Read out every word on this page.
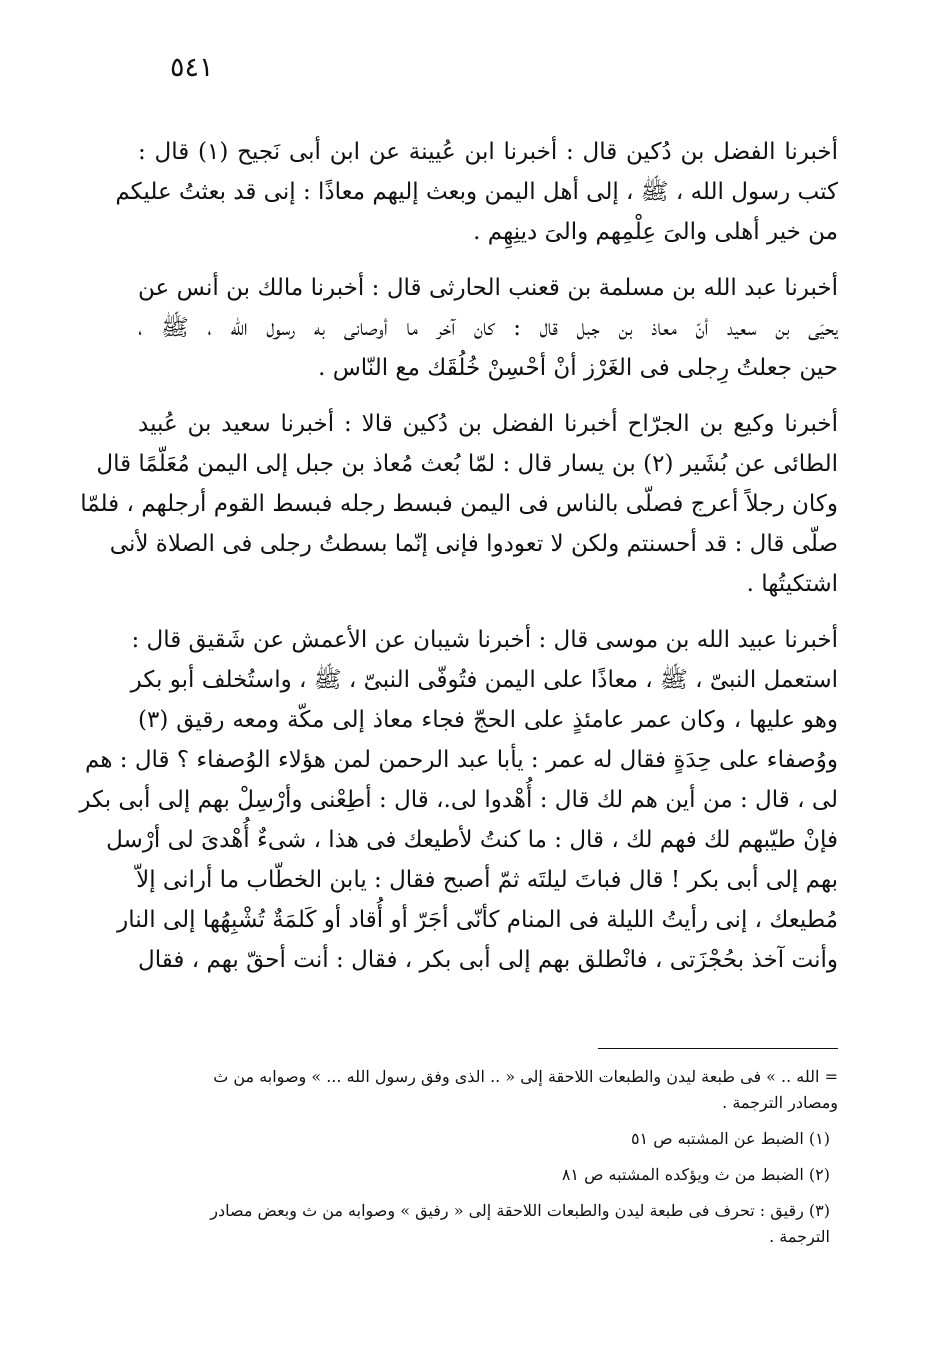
٥٤١
أخبرنا الفضل بن دُكين قال : أخبرنا ابن عُيينة عن ابن أبى نَجيح (١) قال :
كتب رسول الله ، ﷺ ، إلى أهل اليمن وبعث إليهم معاذًا : إنى قد بعثتُ عليكم
من خير أهلى والىَ عِلْمِهم والىَ دينِهِم .
أخبرنا عبد الله بن مسلمة بن قعنب الحارثى قال : أخبرنا مالك بن أنس عن
يحيَى بن سعيد أنّ معاذ بن جبل قال : كان آخر ما أوصانى به رسول الله ، ﷺ ،
حين جعلتُ رِجلى فى الغَرْز أنْ أحْسِنْ خُلُقَك مع النّاس .
أخبرنا وكيع بن الجرّاح أخبرنا الفضل بن دُكين قالا : أخبرنا سعيد بن عُبيد
الطائى عن بُشَير (٢) بن يسار قال : لمّا بُعث مُعاذ بن جبل إلى اليمن مُعَلّمًا قال
وكان رجلاً أعرج فصلّى بالناس فى اليمن فبسط رجله فبسط القوم أرجلهم ، فلمّا
صلّى قال : قد أحسنتم ولكن لا تعودوا فإنى إنّما بسطتُ رجلى فى الصلاة لأنى
اشتكيتُها .
أخبرنا عبيد الله بن موسى قال : أخبرنا شيبان عن الأعمش عن شَقيق قال :
استعمل النبىّ ، ﷺ ، معاذًا على اليمن فتُوفّى النبىّ ، ﷺ ، واستُخلف أبو بكر
وهو عليها ، وكان عمر عامئذٍ على الحجّ فجاء معاذ إلى مكّة ومعه رقيق (٣)
ووُصفاء على حِدَةٍ فقال له عمر : يأبا عبد الرحمن لمن هؤلاء الوُصفاء ؟ قال : هم
لى ، قال : من أين هم لك قال : أُهْدوا لى.، قال : أطِعْنى وأرْسِلْ بهم إلى أبى بكر
فإنْ طيّبهم لك فهم لك ، قال : ما كنتُ لأطيعك فى هذا ، شىءٌ أُهْدىَ لى أرْسل
بهم إلى أبى بكر ! قال فباتَ ليلتَه ثمّ أصبح فقال : يابن الخطّاب ما أرانى إلاّ
مُطيعك ، إنى رأيتُ الليلة فى المنام كأنّى أجَرّ أو أُقاد أو كَلمَةٌ تُشْبِهُها إلى النار
وأنت آخذ بحُجْزَتى ، فانْطلق بهم إلى أبى بكر ، فقال : أنت أحقّ بهم ، فقال
= الله .. » فى طبعة ليدن والطبعات اللاحقة إلى « .. الذى وفق رسول الله ... » وصوابه من ث
ومصادر الترجمة .
(١) الضبط عن المشتبه ص ٥١
(٢) الضبط من ث ويؤكده المشتبه ص ٨١
(٣) رقيق : تحرف فى طبعة ليدن والطبعات اللاحقة إلى « رفيق » وصوابه من ث وبعض مصادر
الترجمة .
